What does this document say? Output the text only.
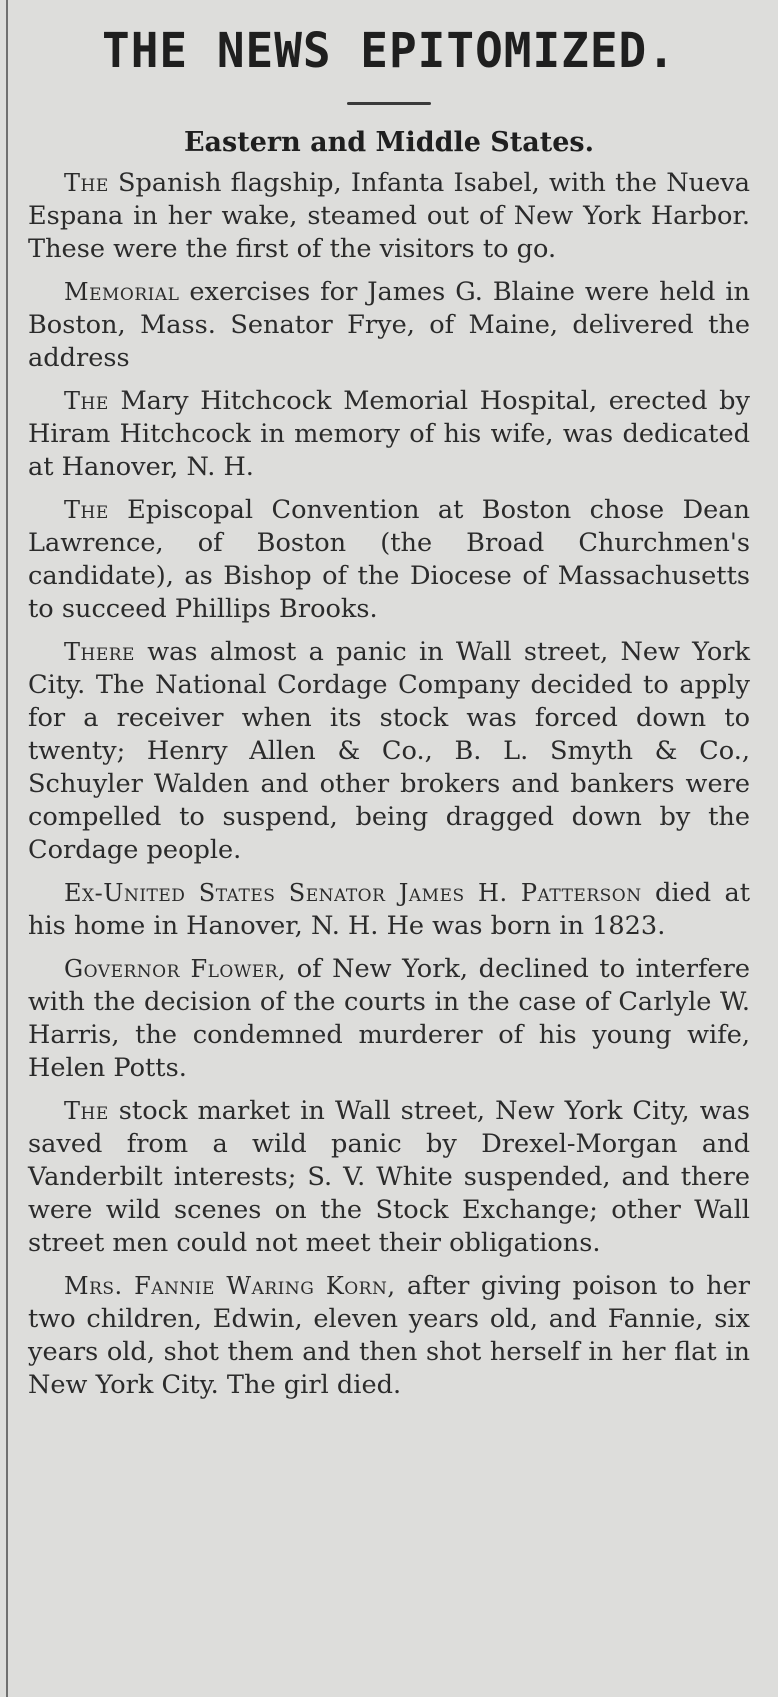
THE NEWS EPITOMIZED.
Eastern and Middle States.

The Spanish flagship, Infanta Isabel, with the Nueva Espana in her wake, steamed out of New York Harbor. These were the first of the visitors to go.

Memorial exercises for James G. Blaine were held in Boston, Mass. Senator Frye, of Maine, delivered the address

The Mary Hitchcock Memorial Hospital, erected by Hiram Hitchcock in memory of his wife, was dedicated at Hanover, N. H.

The Episcopal Convention at Boston chose Dean Lawrence, of Boston (the Broad Churchmen's candidate), as Bishop of the Diocese of Massachusetts to succeed Phillips Brooks.

There was almost a panic in Wall street, New York City. The National Cordage Company decided to apply for a receiver when its stock was forced down to twenty; Henry Allen & Co., B. L. Smyth & Co., Schuyler Walden and other brokers and bankers were compelled to suspend, being dragged down by the Cordage people.

Ex-United States Senator James H. Patterson died at his home in Hanover, N. H. He was born in 1823.

Governor Flower, of New York, declined to interfere with the decision of the courts in the case of Carlyle W. Harris, the condemned murderer of his young wife, Helen Potts.

The stock market in Wall street, New York City, was saved from a wild panic by Drexel-Morgan and Vanderbilt interests; S. V. White suspended, and there were wild scenes on the Stock Exchange; other Wall street men could not meet their obligations.

Mrs. Fannie Waring Korn, after giving poison to her two children, Edwin, eleven years old, and Fannie, six years old, shot them and then shot herself in her flat in New York City. The girl died.
